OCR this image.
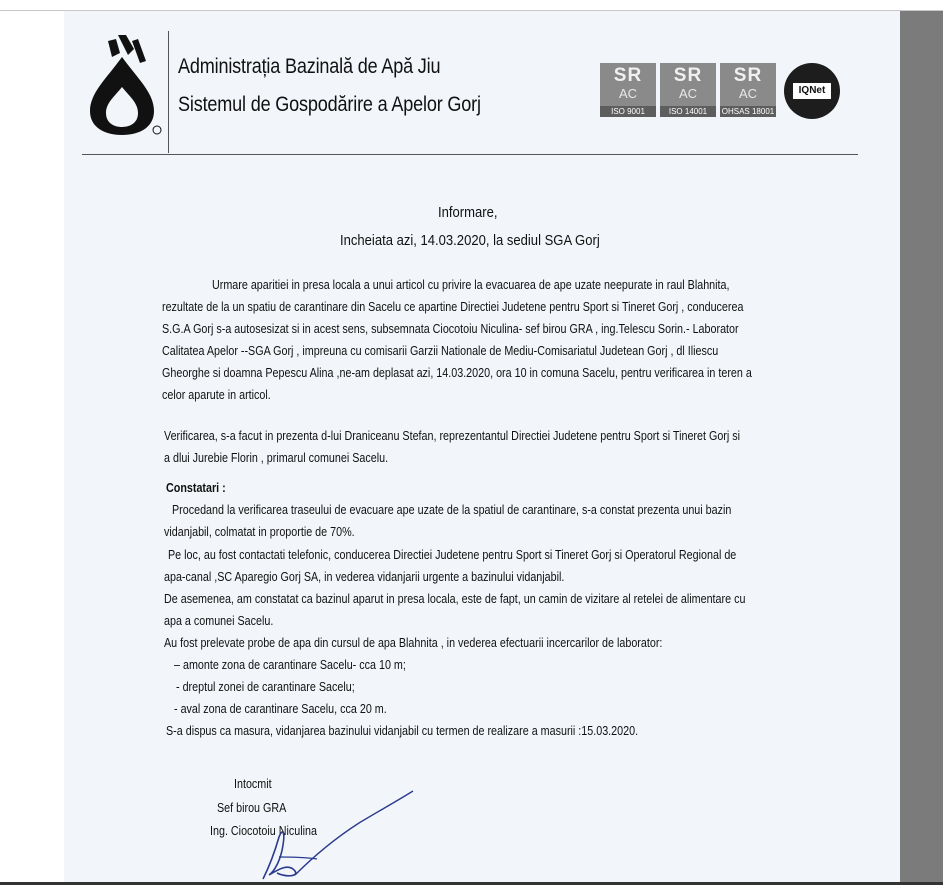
Administrația Bazinală de Apă Jiu
Sistemul de Gospodărire a Apelor Gorj
SR
AC
ISO 9001
SR
AC
ISO 14001
SR
AC
OHSAS 18001
IQNet
Informare,
Incheiata azi, 14.03.2020, la sediul SGA Gorj
Urmare aparitiei in presa locala a unui articol cu privire la evacuarea de ape uzate neepurate in raul Blahnita,
rezultate de la un spatiu de carantinare din Sacelu ce apartine Directiei Judetene pentru Sport si Tineret Gorj , conducerea
S.G.A Gorj s-a autosesizat si in acest sens, subsemnata Ciocotoiu Niculina- sef birou GRA , ing.Telescu Sorin.- Laborator
Calitatea Apelor --SGA Gorj , impreuna cu comisarii Garzii Nationale de Mediu-Comisariatul Judetean Gorj , dl Iliescu
Gheorghe si doamna Pepescu Alina ,ne-am deplasat azi, 14.03.2020, ora 10 in comuna Sacelu, pentru verificarea in teren a
celor aparute in articol.
Verificarea, s-a facut in prezenta d-lui Draniceanu Stefan, reprezentantul Directiei Judetene pentru Sport si Tineret Gorj si
a dlui Jurebie Florin , primarul comunei Sacelu.
Constatari :
Procedand la verificarea traseului de evacuare ape uzate de la spatiul de carantinare, s-a constat prezenta unui bazin
vidanjabil, colmatat in proportie de 70%.
Pe loc, au fost contactati telefonic, conducerea Directiei Judetene pentru Sport si Tineret Gorj si Operatorul Regional de
apa-canal ,SC Aparegio Gorj SA, in vederea vidanjarii urgente a bazinului vidanjabil.
De asemenea, am constatat ca bazinul aparut in presa locala, este de fapt, un camin de vizitare al retelei de alimentare cu
apa a comunei Sacelu.
Au fost prelevate probe de apa din cursul de apa Blahnita , in vederea efectuarii incercarilor de laborator:
– amonte zona de carantinare Sacelu- cca 10 m;
- dreptul zonei de carantinare Sacelu;
- aval zona de carantinare Sacelu, cca 20 m.
S-a dispus ca masura, vidanjarea bazinului vidanjabil cu termen de realizare a masurii :15.03.2020.
Intocmit
Sef birou GRA
Ing. Ciocotoiu Niculina
